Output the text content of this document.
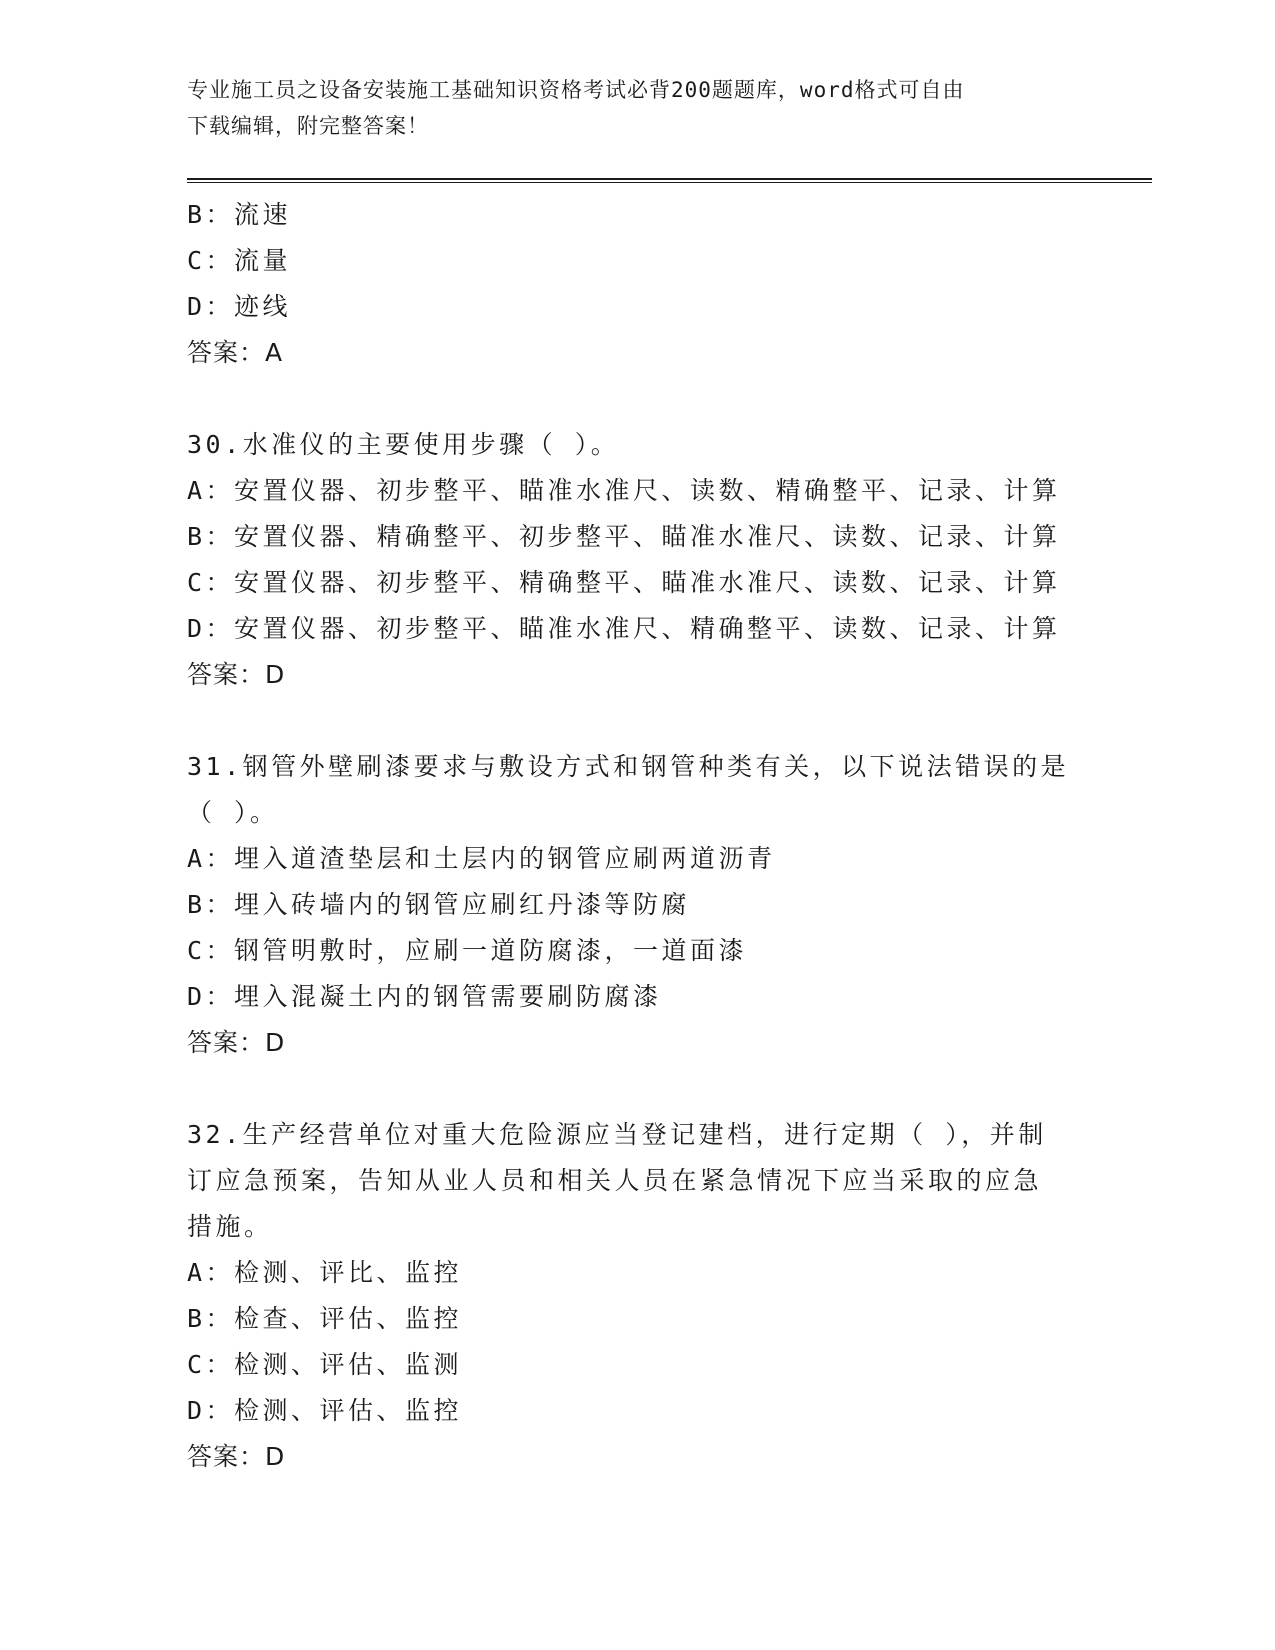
专业施工员之设备安装施工基础知识资格考试必背200题题库，word格式可自由
下载编辑，附完整答案！
B：流速
C：流量
D：迹线
答案：A
30.水准仪的主要使用步骤（ ）。
A：安置仪器、初步整平、瞄准水准尺、读数、精确整平、记录、计算
B：安置仪器、精确整平、初步整平、瞄准水准尺、读数、记录、计算
C：安置仪器、初步整平、精确整平、瞄准水准尺、读数、记录、计算
D：安置仪器、初步整平、瞄准水准尺、精确整平、读数、记录、计算
答案：D
31.钢管外壁刷漆要求与敷设方式和钢管种类有关，以下说法错误的是
（ ）。
A：埋入道渣垫层和土层内的钢管应刷两道沥青
B：埋入砖墙内的钢管应刷红丹漆等防腐
C：钢管明敷时，应刷一道防腐漆，一道面漆
D：埋入混凝土内的钢管需要刷防腐漆
答案：D
32.生产经营单位对重大危险源应当登记建档，进行定期（ ），并制
订应急预案，告知从业人员和相关人员在紧急情况下应当采取的应急
措施。
A：检测、评比、监控
B：检查、评估、监控
C：检测、评估、监测
D：检测、评估、监控
答案：D
